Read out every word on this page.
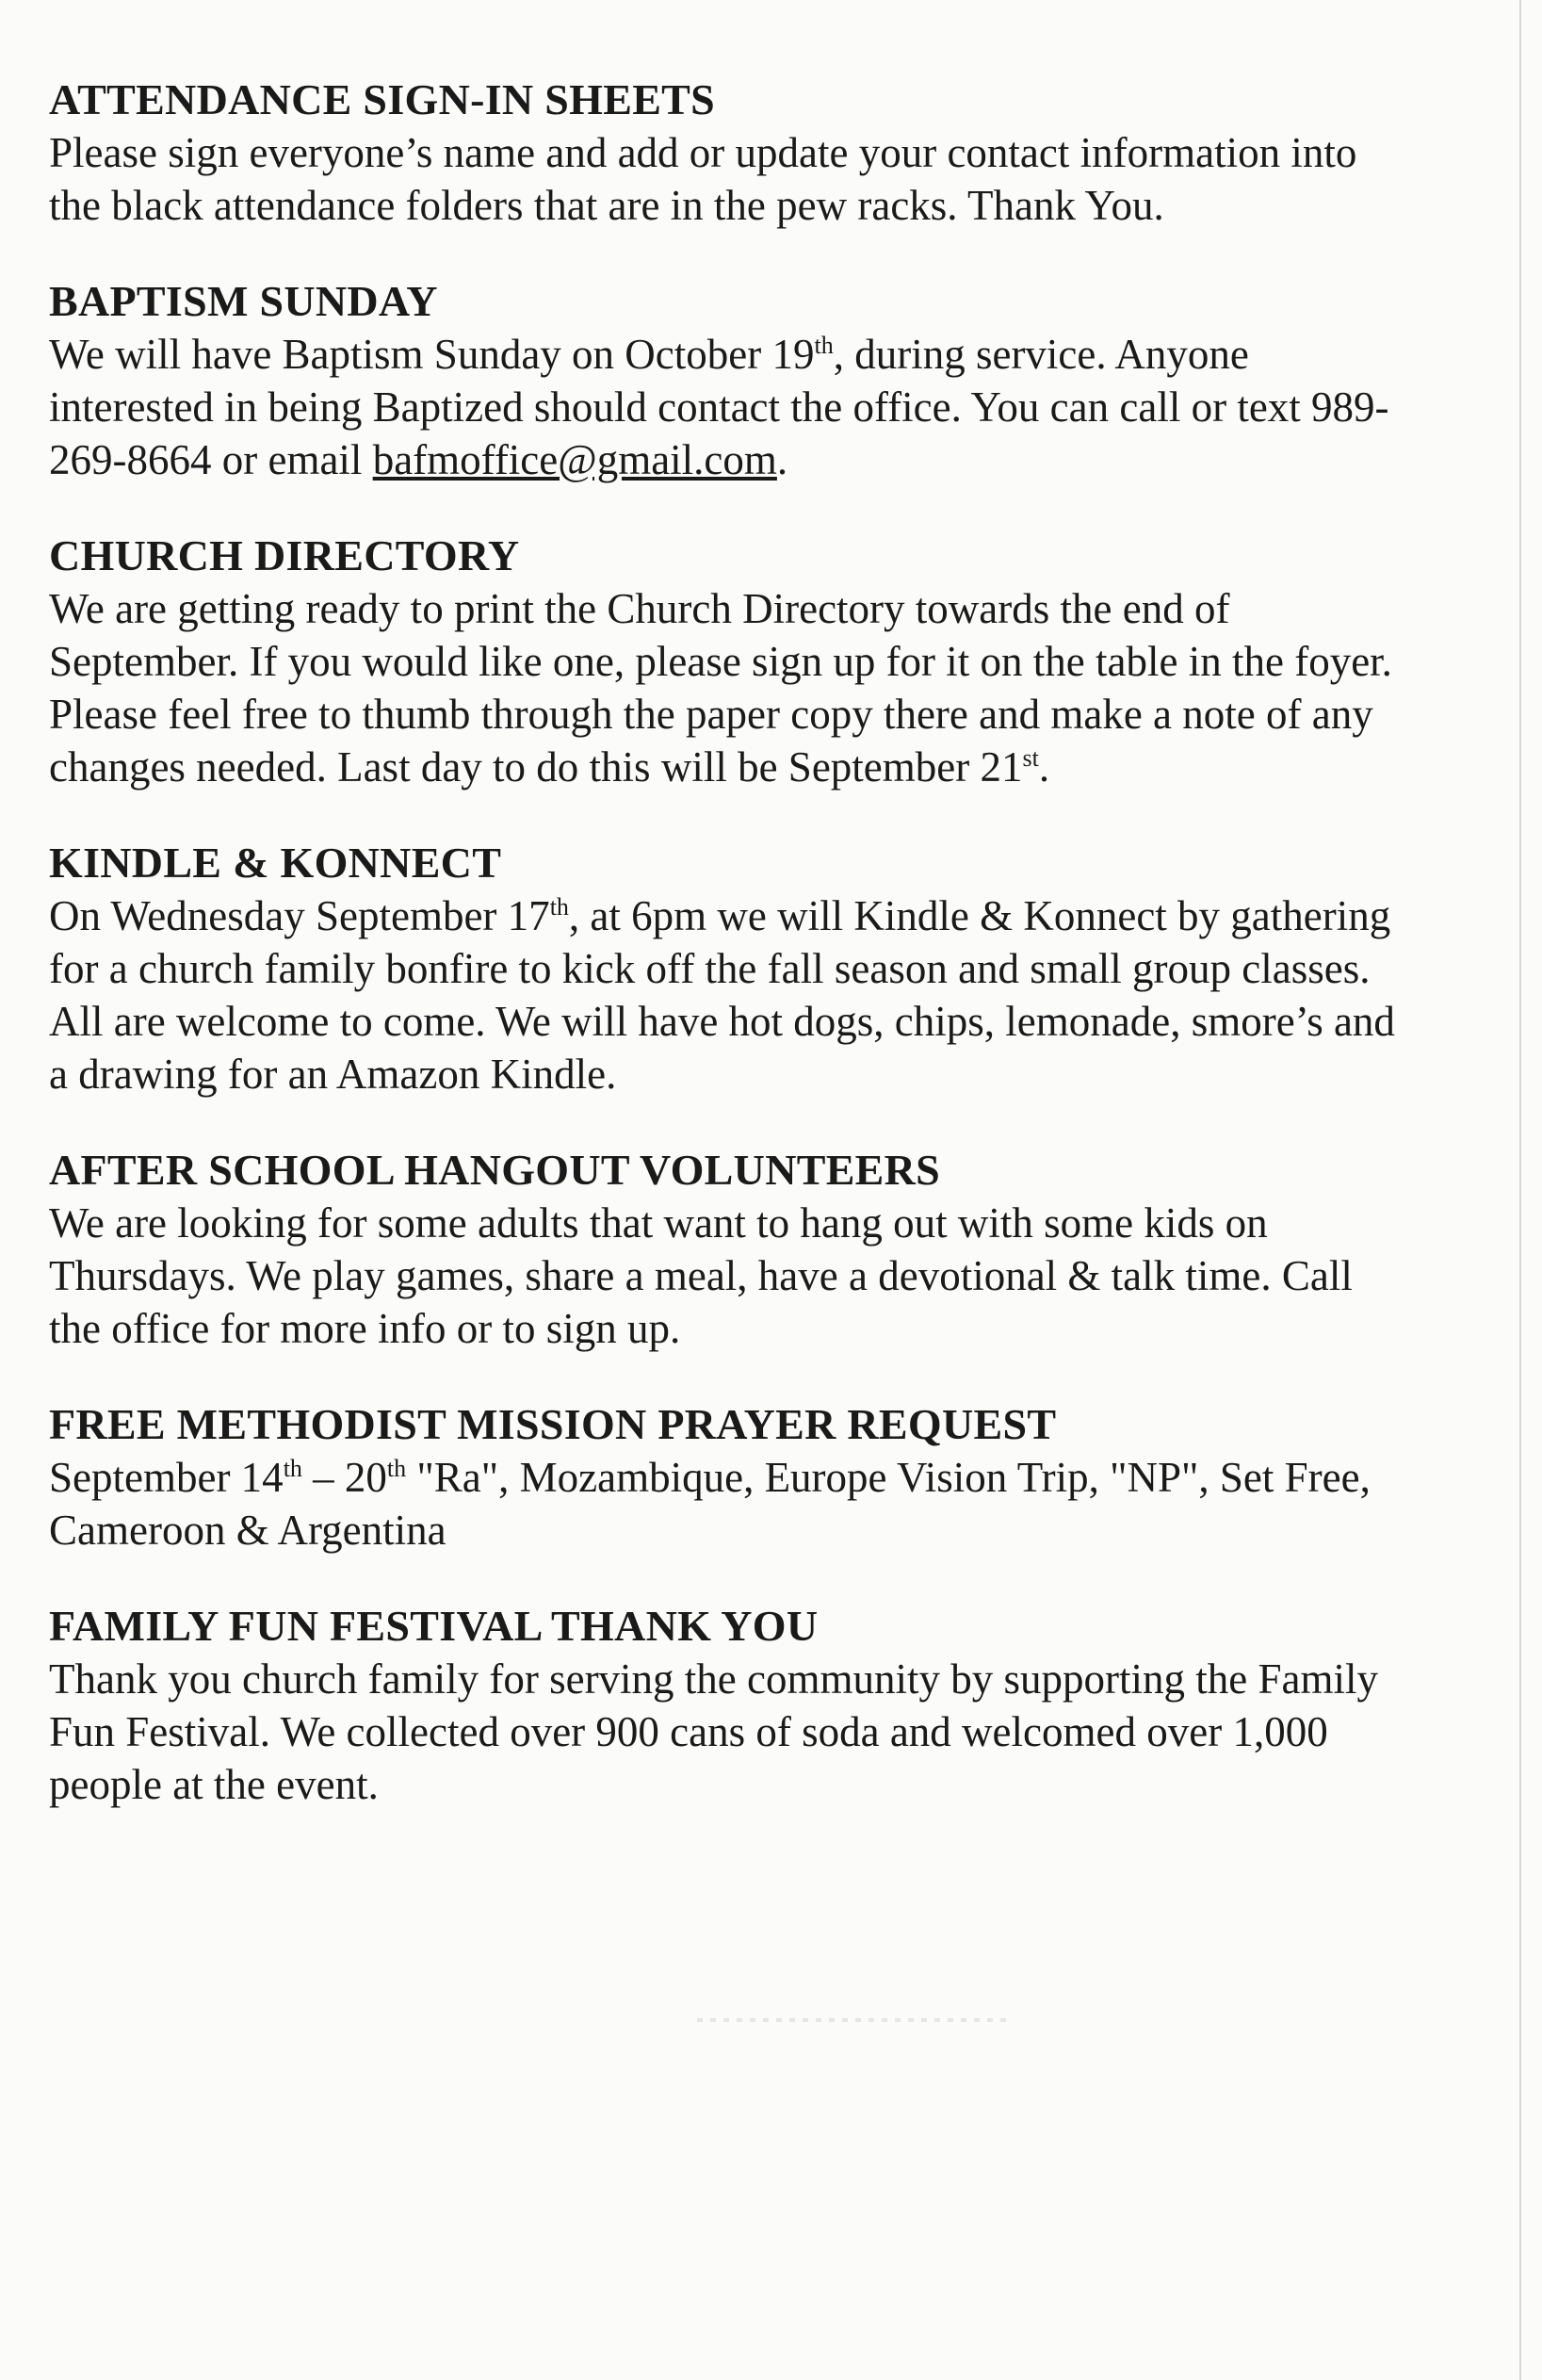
ATTENDANCE SIGN-IN SHEETS
Please sign everyone’s name and add or update your contact information into the black attendance folders that are in the pew racks. Thank You.
BAPTISM SUNDAY
We will have Baptism Sunday on October 19th, during service. Anyone interested in being Baptized should contact the office. You can call or text 989-269-8664 or email bafmoffice@gmail.com.
CHURCH DIRECTORY
We are getting ready to print the Church Directory towards the end of September. If you would like one, please sign up for it on the table in the foyer. Please feel free to thumb through the paper copy there and make a note of any changes needed. Last day to do this will be September 21st.
KINDLE & KONNECT
On Wednesday September 17th, at 6pm we will Kindle & Konnect by gathering for a church family bonfire to kick off the fall season and small group classes. All are welcome to come. We will have hot dogs, chips, lemonade, smore’s and a drawing for an Amazon Kindle.
AFTER SCHOOL HANGOUT VOLUNTEERS
We are looking for some adults that want to hang out with some kids on Thursdays. We play games, share a meal, have a devotional & talk time. Call the office for more info or to sign up.
FREE METHODIST MISSION PRAYER REQUEST
September 14th – 20th "Ra", Mozambique, Europe Vision Trip, "NP", Set Free, Cameroon & Argentina
FAMILY FUN FESTIVAL THANK YOU
Thank you church family for serving the community by supporting the Family Fun Festival. We collected over 900 cans of soda and welcomed over 1,000 people at the event.
